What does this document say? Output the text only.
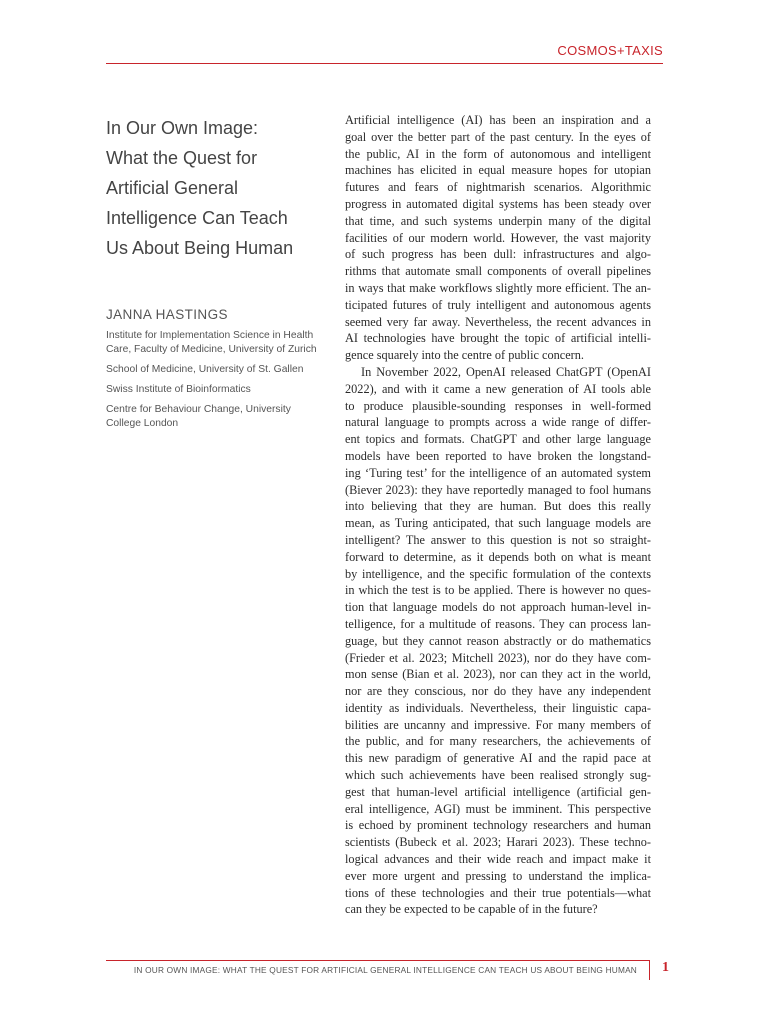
COSMOS+TAXIS
In Our Own Image:
What the Quest for
Artificial General
Intelligence Can Teach
Us About Being Human
JANNA HASTINGS
Institute for Implementation Science in Health
Care, Faculty of Medicine, University of Zurich
School of Medicine, University of St. Gallen
Swiss Institute of Bioinformatics
Centre for Behaviour Change, University
College London
Artificial intelligence (AI) has been an inspiration and a
goal over the better part of the past century. In the eyes of
the public, AI in the form of autonomous and intelligent
machines has elicited in equal measure hopes for utopian
futures and fears of nightmarish scenarios. Algorithmic
progress in automated digital systems has been steady over
that time, and such systems underpin many of the digital
facilities of our modern world. However, the vast majority
of such progress has been dull: infrastructures and algo-
rithms that automate small components of overall pipelines
in ways that make workflows slightly more efficient. The an-
ticipated futures of truly intelligent and autonomous agents
seemed very far away. Nevertheless, the recent advances in
AI technologies have brought the topic of artificial intelli-
gence squarely into the centre of public concern.
In November 2022, OpenAI released ChatGPT (OpenAI
2022), and with it came a new generation of AI tools able
to produce plausible-sounding responses in well-formed
natural language to prompts across a wide range of differ-
ent topics and formats. ChatGPT and other large language
models have been reported to have broken the longstand-
ing ‘Turing test’ for the intelligence of an automated system
(Biever 2023): they have reportedly managed to fool humans
into believing that they are human. But does this really
mean, as Turing anticipated, that such language models are
intelligent? The answer to this question is not so straight-
forward to determine, as it depends both on what is meant
by intelligence, and the specific formulation of the contexts
in which the test is to be applied. There is however no ques-
tion that language models do not approach human-level in-
telligence, for a multitude of reasons. They can process lan-
guage, but they cannot reason abstractly or do mathematics
(Frieder et al. 2023; Mitchell 2023), nor do they have com-
mon sense (Bian et al. 2023), nor can they act in the world,
nor are they conscious, nor do they have any independent
identity as individuals. Nevertheless, their linguistic capa-
bilities are uncanny and impressive. For many members of
the public, and for many researchers, the achievements of
this new paradigm of generative AI and the rapid pace at
which such achievements have been realised strongly sug-
gest that human-level artificial intelligence (artificial gen-
eral intelligence, AGI) must be imminent. This perspective
is echoed by prominent technology researchers and human
scientists (Bubeck et al. 2023; Harari 2023). These techno-
logical advances and their wide reach and impact make it
ever more urgent and pressing to understand the implica-
tions of these technologies and their true potentials—what
can they be expected to be capable of in the future?
IN OUR OWN IMAGE: WHAT THE QUEST FOR ARTIFICIAL GENERAL INTELLIGENCE CAN TEACH US ABOUT BEING HUMAN 1
